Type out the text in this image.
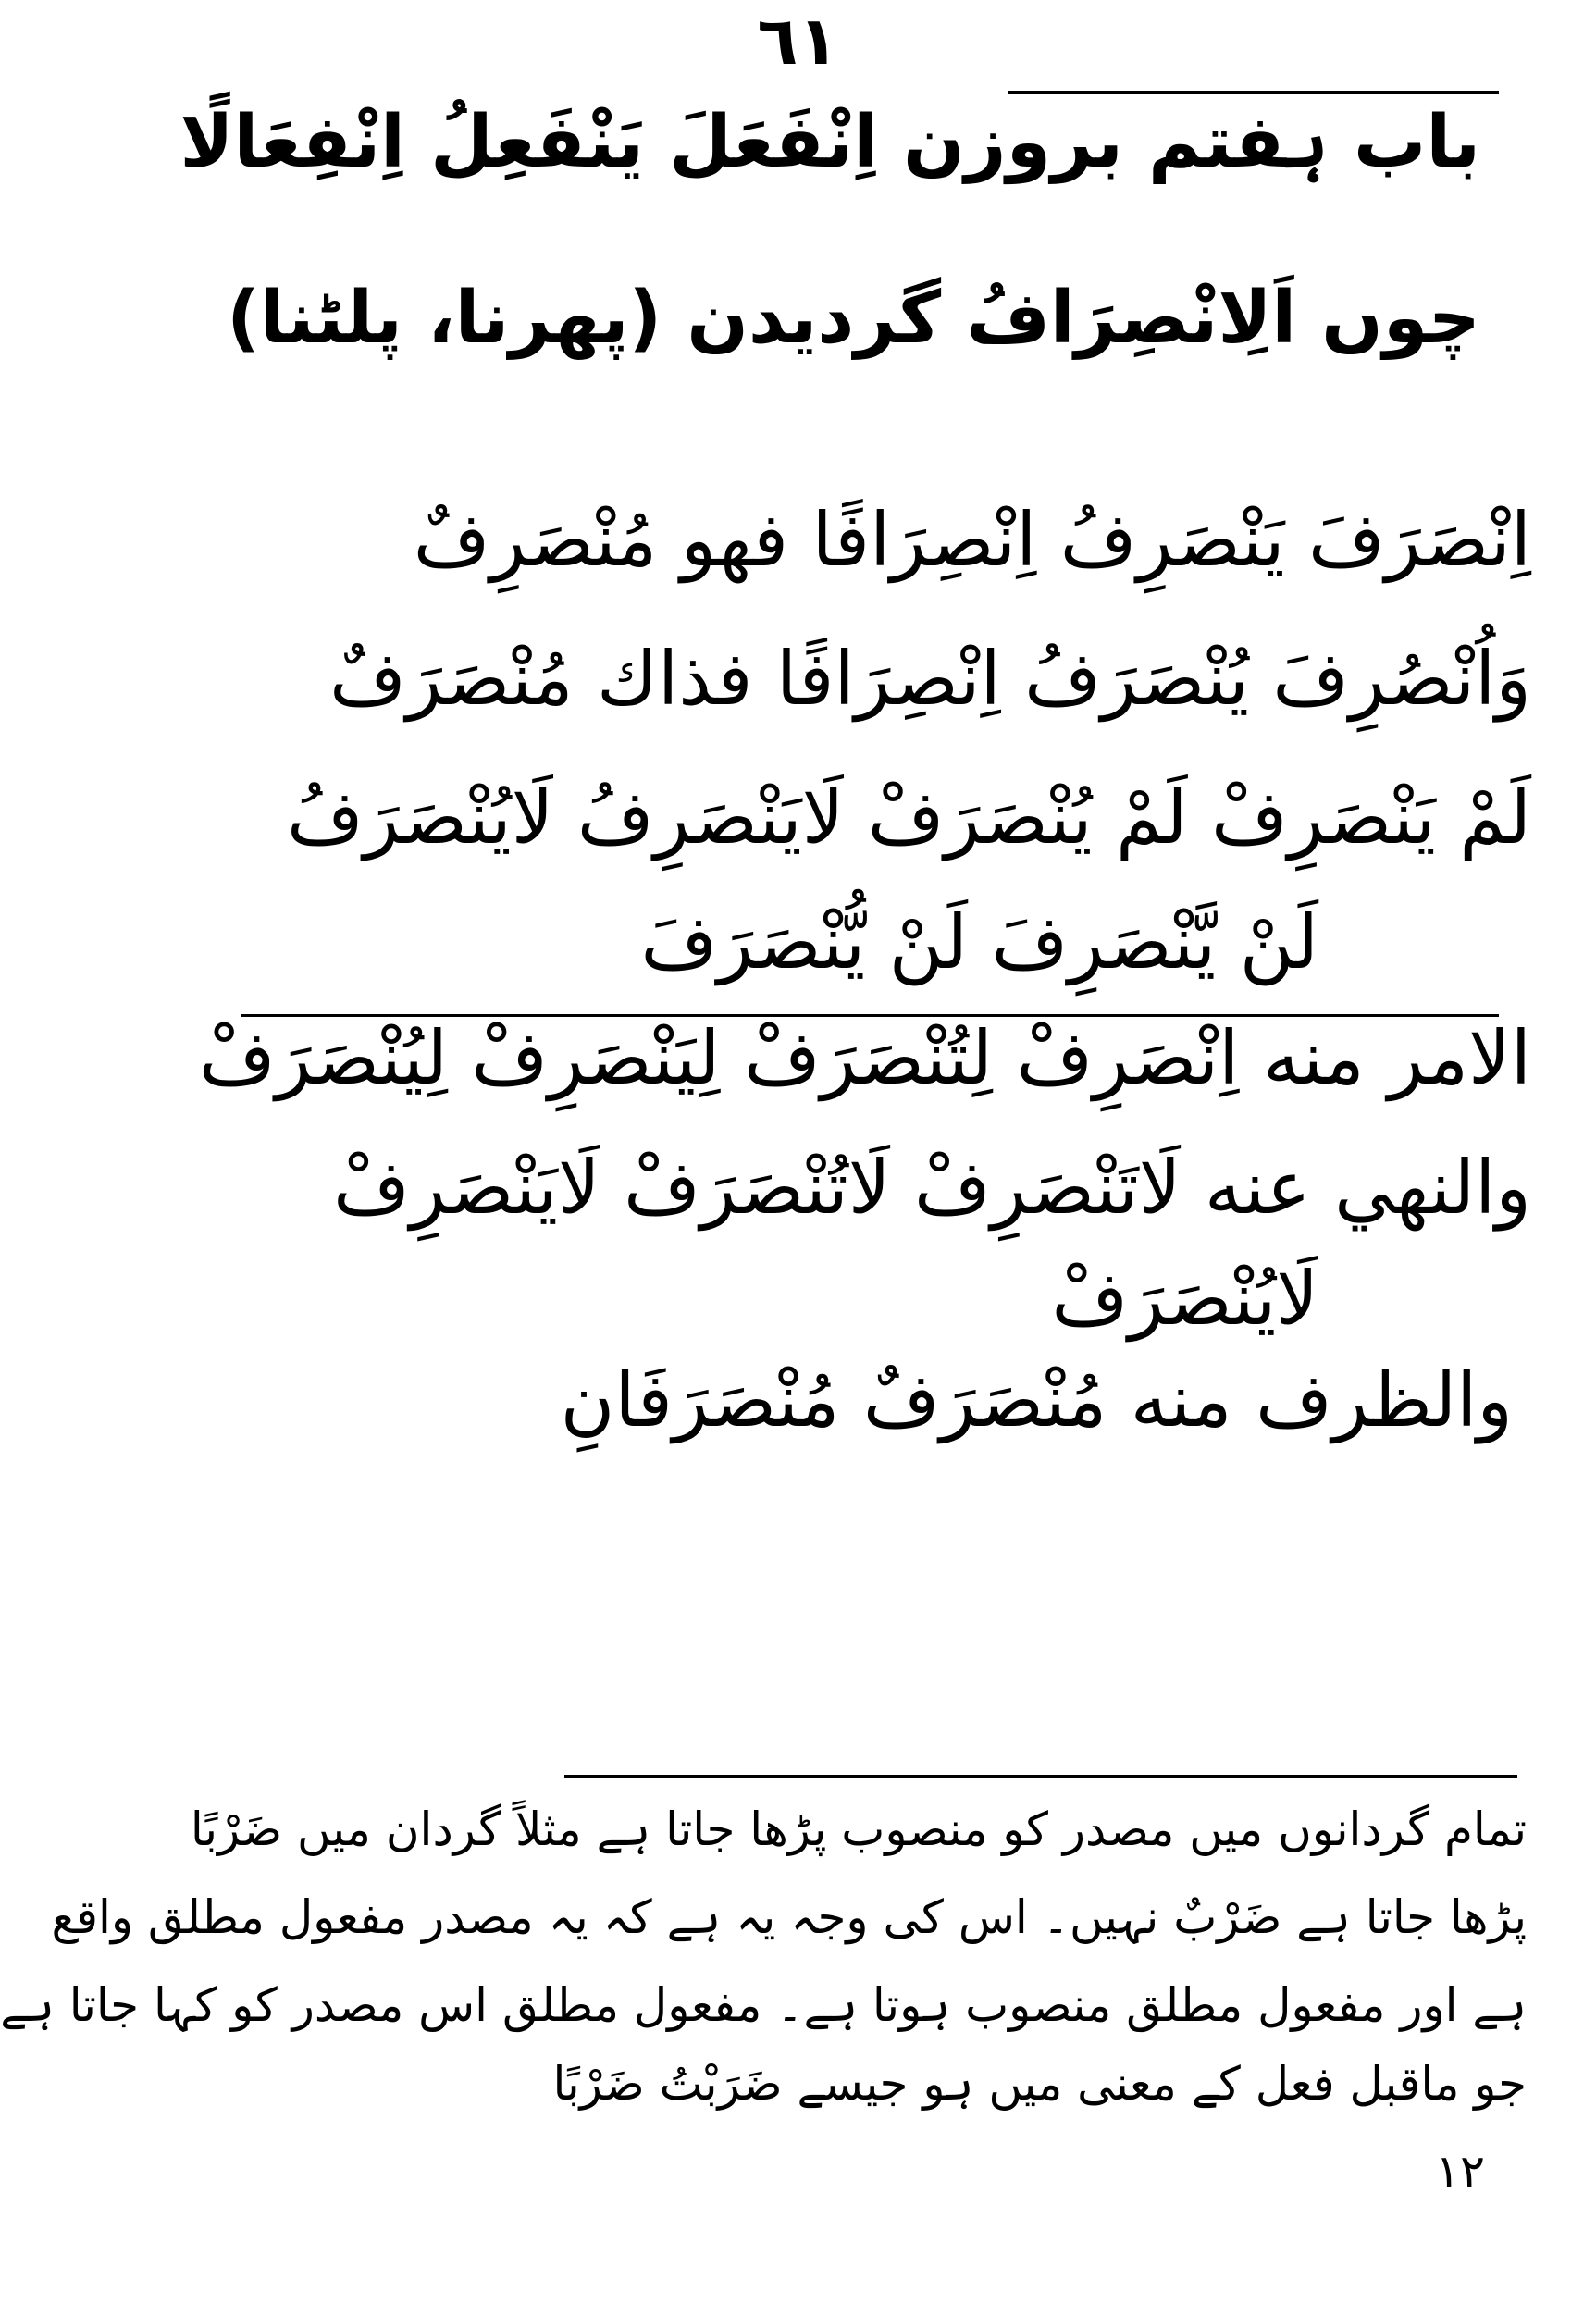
٦١
باب ہفتم بروزن اِنْفَعَلَ یَنْفَعِلُ اِنْفِعَالًا
چوں اَلِانْصِرَافُ گردیدن (پھرنا، پلٹنا)
اِنْصَرَفَ یَنْصَرِفُ اِنْصِرَافًا فهو مُنْصَرِفٌ
وَاُنْصُرِفَ یُنْصَرَفُ اِنْصِرَافًا فذاك مُنْصَرَفٌ
لَمْ یَنْصَرِفْ لَمْ یُنْصَرَفْ لَایَنْصَرِفُ لَایُنْصَرَفُ
لَنْ یَّنْصَرِفَ لَنْ یُّنْصَرَفَ
الامر منه اِنْصَرِفْ لِتُنْصَرَفْ لِیَنْصَرِفْ لِیُنْصَرَفْ
والنهي عنه لَاتَنْصَرِفْ لَاتُنْصَرَفْ لَایَنْصَرِفْ
لَایُنْصَرَفْ
والظرف منه مُنْصَرَفٌ مُنْصَرَفَانِ
تمام گردانوں میں مصدر کو منصوب پڑھا جاتا ہے مثلاً گردان میں ضَرْبًا
پڑھا جاتا ہے ضَرْبٌ نہیں۔ اس کی وجہ یہ ہے کہ یہ مصدر مفعول مطلق واقع
ہے اور مفعول مطلق منصوب ہوتا ہے۔ مفعول مطلق اس مصدر کو کہا جاتا ہے
جو ماقبل فعل کے معنی میں ہو جیسے ضَرَبْتُ ضَرْبًا
۱۲
